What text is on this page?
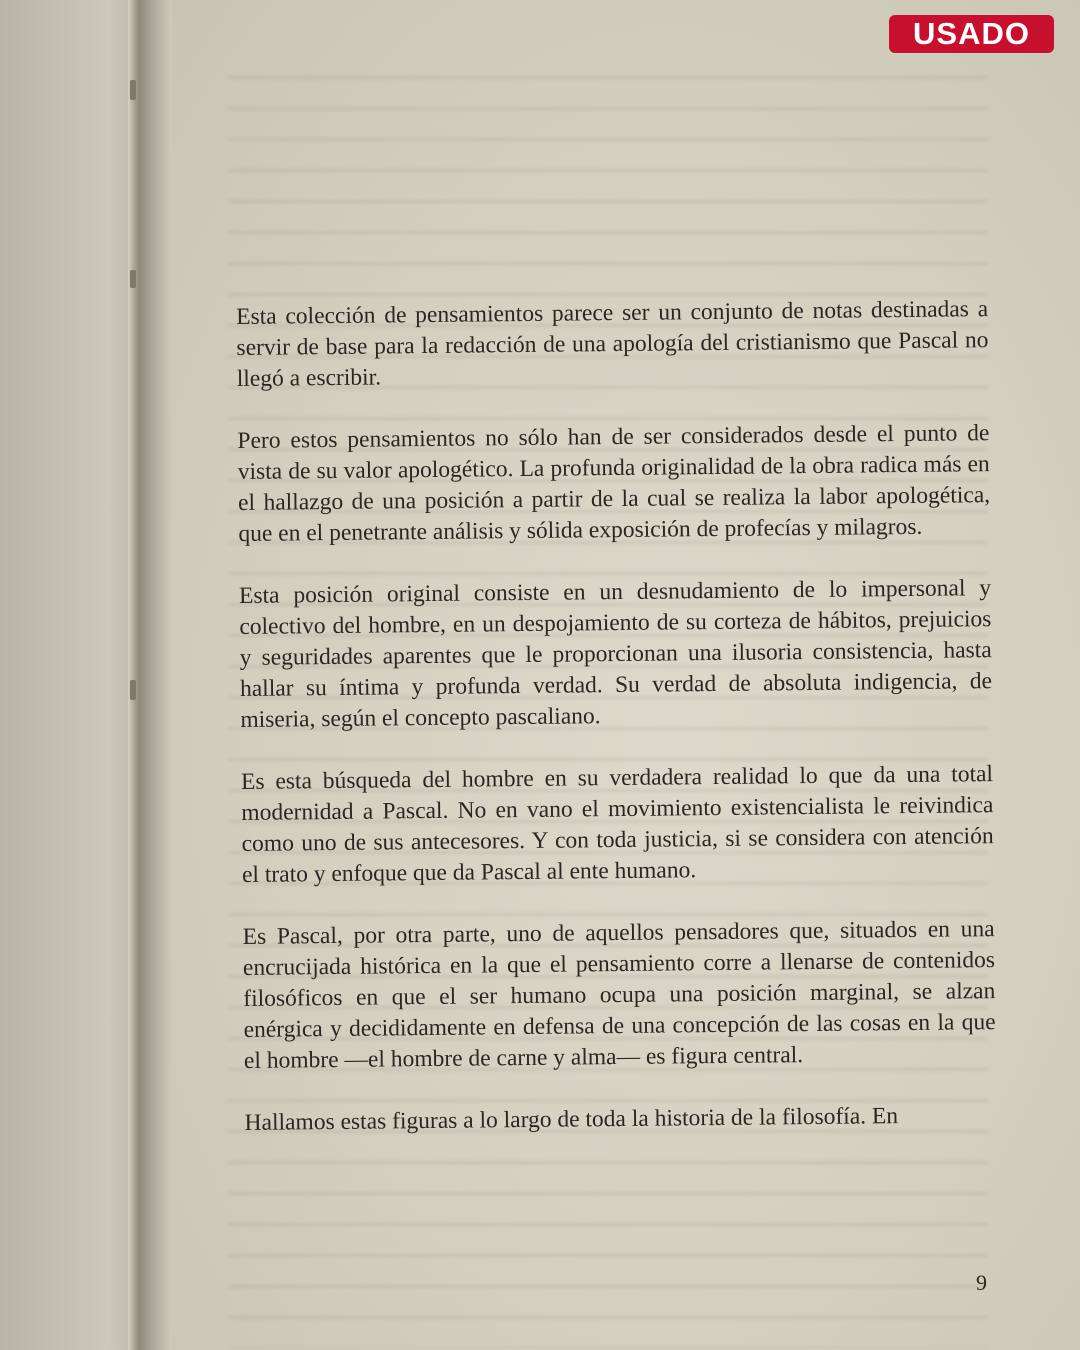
Esta colección de pensamientos parece ser un conjunto de notas destinadas a servir de base para la redacción de una apología del cristianismo que Pascal no llegó a escribir.

Pero estos pensamientos no sólo han de ser considerados desde el punto de vista de su valor apologético. La profunda originalidad de la obra radica más en el hallazgo de una posición a partir de la cual se realiza la labor apologética, que en el penetrante análisis y sólida exposición de profecías y milagros.

Esta posición original consiste en un desnudamiento de lo impersonal y colectivo del hombre, en un despojamiento de su corteza de hábitos, prejuicios y seguridades aparentes que le proporcionan una ilusoria consistencia, hasta hallar su íntima y profunda verdad. Su verdad de absoluta indigencia, de miseria, según el concepto pascaliano.

Es esta búsqueda del hombre en su verdadera realidad lo que da una total modernidad a Pascal. No en vano el movimiento existencialista le reivindica como uno de sus antecesores. Y con toda justicia, si se considera con atención el trato y enfoque que da Pascal al ente humano.

Es Pascal, por otra parte, uno de aquellos pensadores que, situados en una encrucijada histórica en la que el pensamiento corre a llenarse de contenidos filosóficos en que el ser humano ocupa una posición marginal, se alzan enérgica y decididamente en defensa de una concepción de las cosas en la que el hombre —el hombre de carne y alma— es figura central.

Hallamos estas figuras a lo largo de toda la historia de la filosofía. En

9
USADO
